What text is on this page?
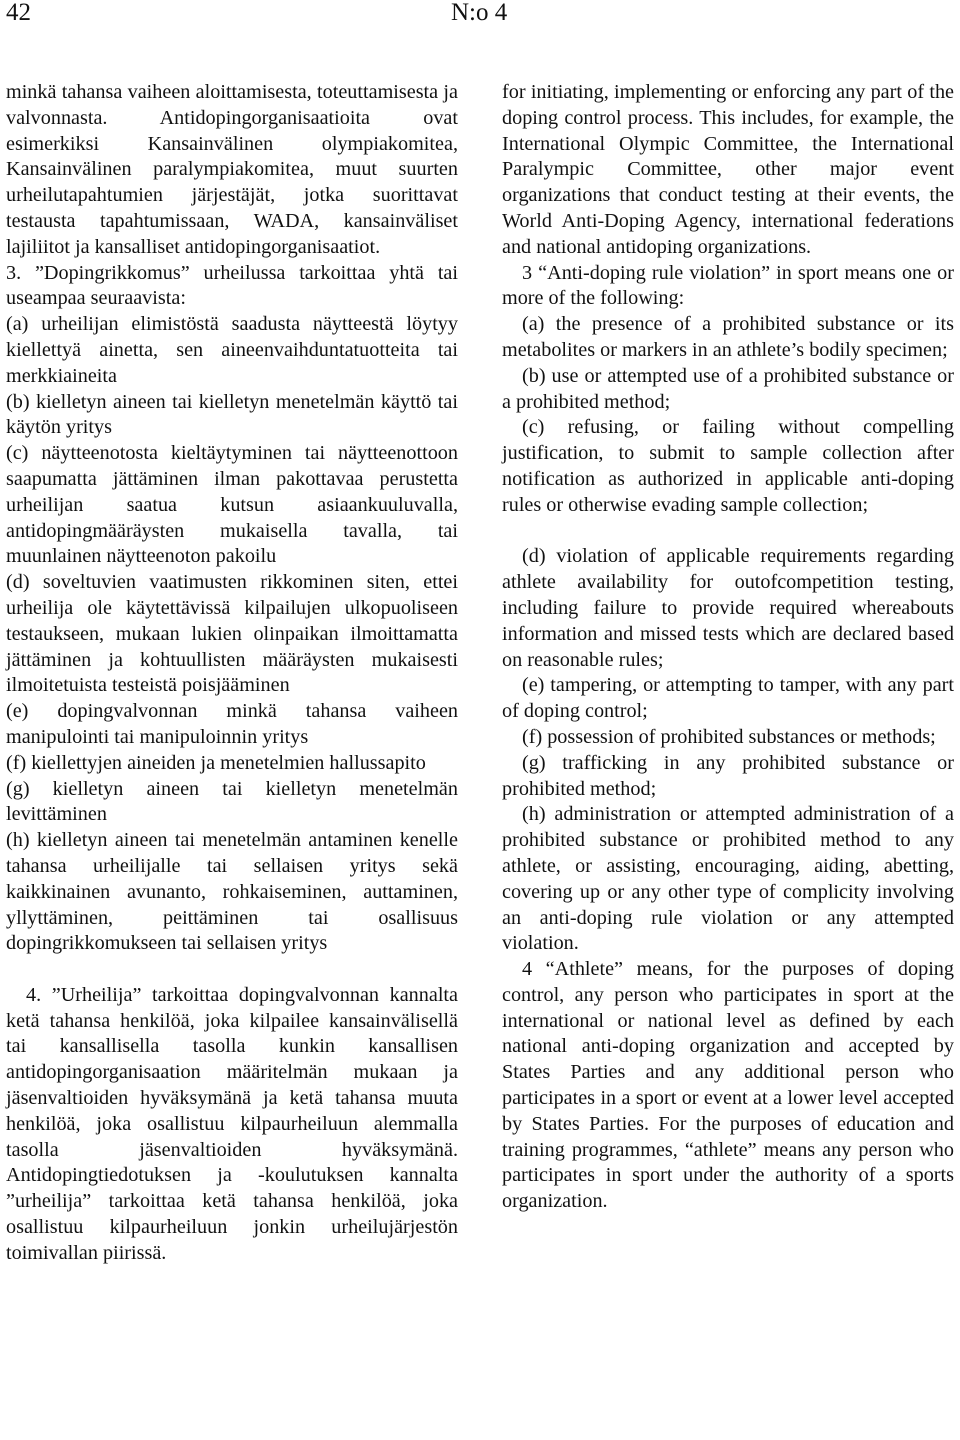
42	N:o 4

minkä tahansa vaiheen aloittamisesta, toteuttamisesta ja valvonnasta. Antidopingorganisaatioita ovat esimerkiksi Kansainvälinen olympiakomitea, Kansainvälinen paralympiakomitea, muut suurten urheilutapahtumien järjestäjät, jotka suorittavat testausta tapahtumissaan, WADA, kansainväliset lajiliitot ja kansalliset antidopingorganisaatiot.

3. ”Dopingrikkomus” urheilussa tarkoittaa yhtä tai useampaa seuraavista:

(a) urheilijan elimistöstä saadusta näytteestä löytyy kiellettyä ainetta, sen aineenvaihduntatuotteita tai merkkiaineita

(b) kielletyn aineen tai kielletyn menetelmän käyttö tai käytön yritys

(c) näytteenotosta kieltäytyminen tai näytteenottoon saapumatta jättäminen ilman pakottavaa perustetta urheilijan saatua kutsun asiaankuuluvalla, antidopingmääräysten mukaisella tavalla, tai muunlainen näytteenoton pakoilu

(d) soveltuvien vaatimusten rikkominen siten, ettei urheilija ole käytettävissä kilpailujen ulkopuoliseen testaukseen, mukaan lukien olinpaikan ilmoittamatta jättäminen ja kohtuullisten määräysten mukaisesti ilmoitetuista testeistä poisjääminen

(e) dopingvalvonnan minkä tahansa vaiheen manipulointi tai manipuloinnin yritys

(f) kiellettyjen aineiden ja menetelmien hallussapito

(g) kielletyn aineen tai kielletyn menetelmän levittäminen

(h) kielletyn aineen tai menetelmän antaminen kenelle tahansa urheilijalle tai sellaisen yritys sekä kaikkinainen avunanto, rohkaiseminen, auttaminen, yllyttäminen, peittäminen tai osallisuus dopingrikkomukseen tai sellaisen yritys

4. ”Urheilija” tarkoittaa dopingvalvonnan kannalta ketä tahansa henkilöä, joka kilpailee kansainvälisellä tai kansallisella tasolla kunkin kansallisen antidopingorganisaation määritelmän mukaan ja jäsenvaltioiden hyväksymänä ja ketä tahansa muuta henkilöä, joka osallistuu kilpaurheiluun alemmalla tasolla jäsenvaltioiden hyväksymänä. Antidopingtiedotuksen ja -koulutuksen kannalta ”urheilija” tarkoittaa ketä tahansa henkilöä, joka osallistuu kilpaurheiluun jonkin urheilujärjestön toimivallan piirissä.

for initiating, implementing or enforcing any part of the doping control process. This includes, for example, the International Olympic Committee, the International Paralympic Committee, other major event organizations that conduct testing at their events, the World Anti-Doping Agency, international federations and national antidoping organizations.

3 “Anti-doping rule violation” in sport means one or more of the following:

(a) the presence of a prohibited substance or its metabolites or markers in an athlete’s bodily specimen;

(b) use or attempted use of a prohibited substance or a prohibited method;

(c) refusing, or failing without compelling justification, to submit to sample collection after notification as authorized in applicable anti-doping rules or otherwise evading sample collection;

(d) violation of applicable requirements regarding athlete availability for outofcompetition testing, including failure to provide required whereabouts information and missed tests which are declared based on reasonable rules;

(e) tampering, or attempting to tamper, with any part of doping control;

(f) possession of prohibited substances or methods;

(g) trafficking in any prohibited substance or prohibited method;

(h) administration or attempted administration of a prohibited substance or prohibited method to any athlete, or assisting, encouraging, aiding, abetting, covering up or any other type of complicity involving an anti-doping rule violation or any attempted violation.

4 “Athlete” means, for the purposes of doping control, any person who participates in sport at the international or national level as defined by each national anti-doping organization and accepted by States Parties and any additional person who participates in a sport or event at a lower level accepted by States Parties. For the purposes of education and training programmes, “athlete” means any person who participates in sport under the authority of a sports organization.
